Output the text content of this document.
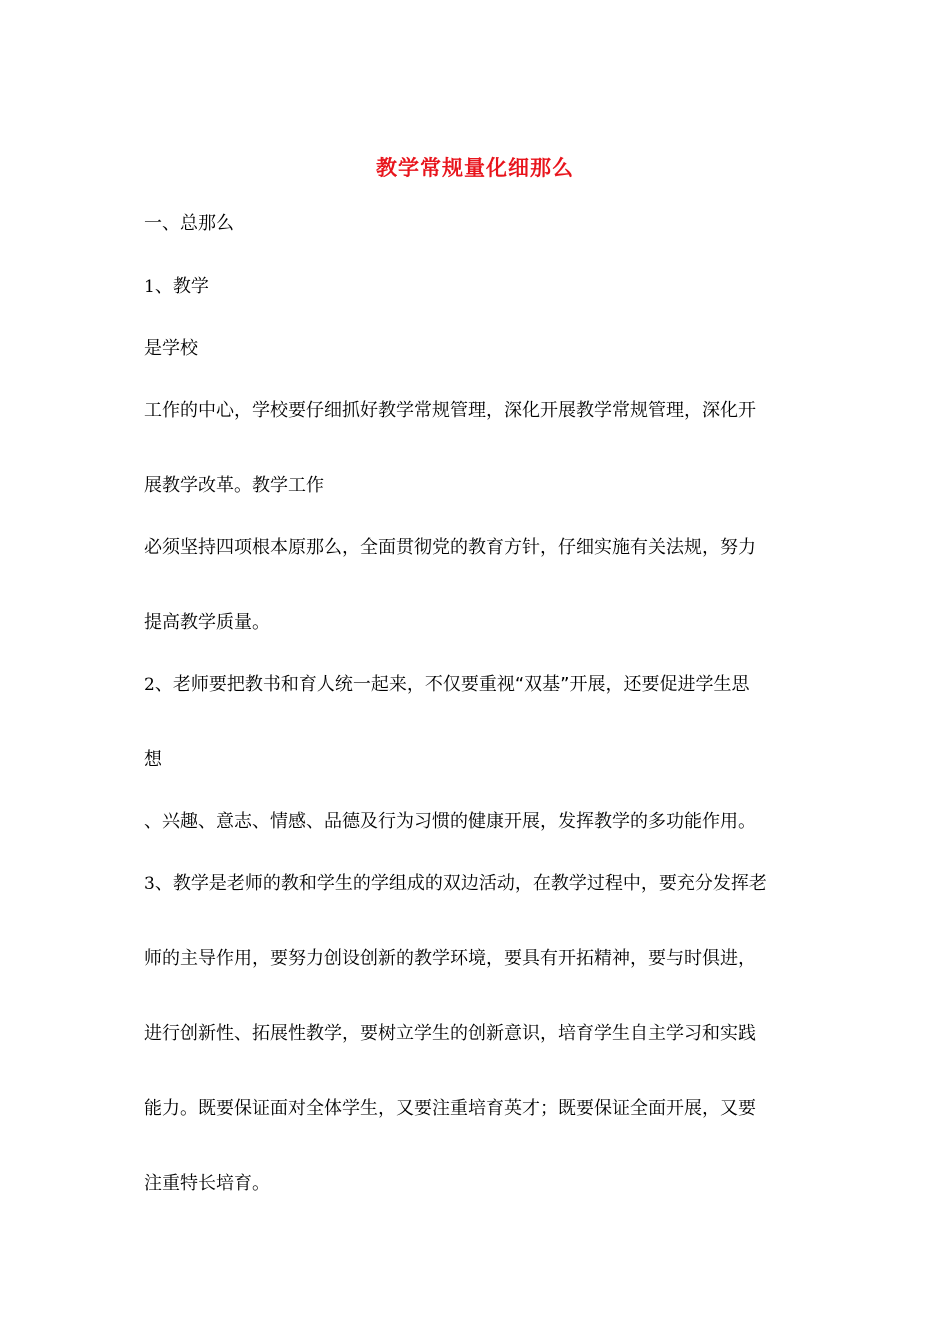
教学常规量化细那么
一、总那么
1、教学
是学校
工作的中心，学校要仔细抓好教学常规管理，深化开展教学常规管理，深化开
展教学改革。教学工作
必须坚持四项根本原那么，全面贯彻党的教育方针，仔细实施有关法规，努力
提高教学质量。
2、老师要把教书和育人统一起来，不仅要重视“双基”开展，还要促进学生思
想
、兴趣、意志、情感、品德及行为习惯的健康开展，发挥教学的多功能作用。
3、教学是老师的教和学生的学组成的双边活动，在教学过程中，要充分发挥老
师的主导作用，要努力创设创新的教学环境，要具有开拓精神，要与时俱进，
进行创新性、拓展性教学，要树立学生的创新意识，培育学生自主学习和实践
能力。既要保证面对全体学生，又要注重培育英才；既要保证全面开展，又要
注重特长培育。
